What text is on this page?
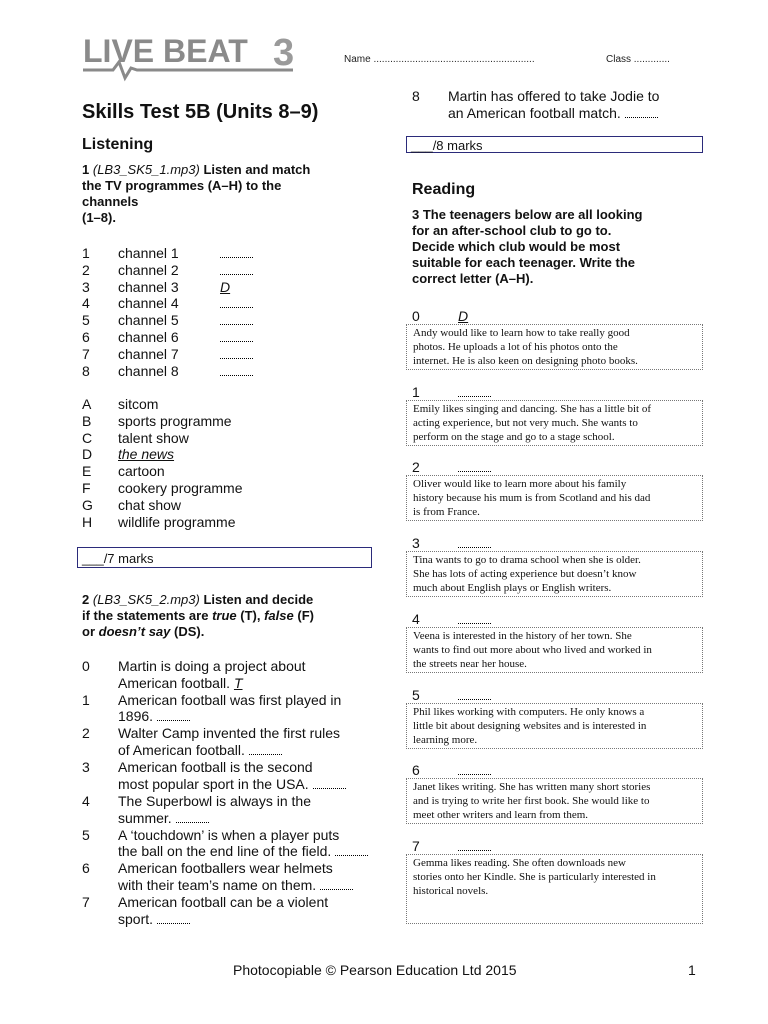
LIVE BEAT 3	Name ..........................................................	Class .............
Skills Test 5B (Units 8–9)
Listening
1 (LB3_SK5_1.mp3) Listen and match
the TV programmes (A–H) to the
channels
(1–8).
1 channel 1
2 channel 2
3 channel 3	D
4 channel 4
5 channel 5
6 channel 6
7 channel 7
8 channel 8
A sitcom
B sports programme
C talent show
D the news
E cartoon
F cookery programme
G chat show
H wildlife programme
___/7 marks
2 (LB3_SK5_2.mp3) Listen and decide
if the statements are true (T), false (F)
or doesn’t say (DS).
0 Martin is doing a project about
American football. T
1 American football was first played in
1896.
2 Walter Camp invented the first rules
of American football.
3 American football is the second
most popular sport in the USA.
4 The Superbowl is always in the
summer.
5 A ‘touchdown’ is when a player puts
the ball on the end line of the field.
6 American footballers wear helmets
with their team’s name on them.
7 American football can be a violent
sport.
8 Martin has offered to take Jodie to
an American football match.
___/8 marks
Reading
3 The teenagers below are all looking
for an after-school club to go to.
Decide which club would be most
suitable for each teenager. Write the
correct letter (A–H).
0	D
Andy would like to learn how to take really good
photos. He uploads a lot of his photos onto the
internet. He is also keen on designing photo books.
1
Emily likes singing and dancing. She has a little bit of
acting experience, but not very much. She wants to
perform on the stage and go to a stage school.
2
Oliver would like to learn more about his family
history because his mum is from Scotland and his dad
is from France.
3
Tina wants to go to drama school when she is older.
She has lots of acting experience but doesn’t know
much about English plays or English writers.
4
Veena is interested in the history of her town. She
wants to find out more about who lived and worked in
the streets near her house.
5
Phil likes working with computers. He only knows a
little bit about designing websites and is interested in
learning more.
6
Janet likes writing. She has written many short stories
and is trying to write her first book. She would like to
meet other writers and learn from them.
7
Gemma likes reading. She often downloads new
stories onto her Kindle. She is particularly interested in
historical novels.
Photocopiable © Pearson Education Ltd 2015	1
